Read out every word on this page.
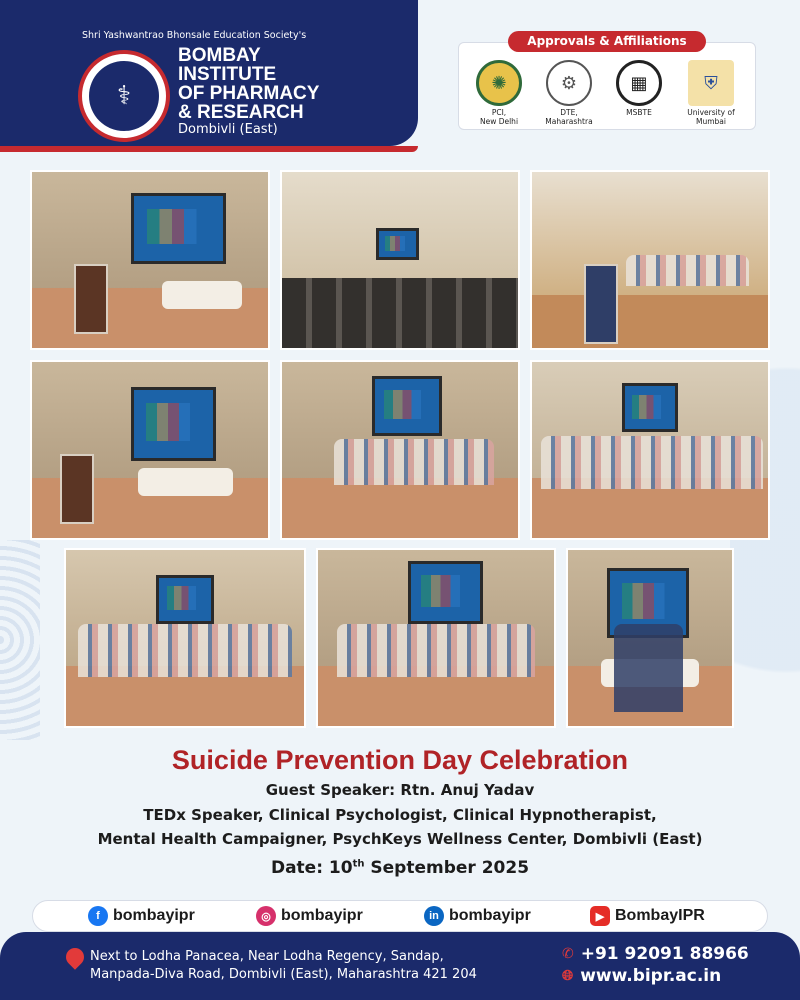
Shri Yashwantrao Bhonsale Education Society's
⚕
BOMBAY
INSTITUTE
OF PHARMACY
& RESEARCH
Dombivli (East)
Approvals & Affiliations
✺
PCI,
New Delhi
⚙
DTE,
Maharashtra
▦
MSBTE
⛨
University of
Mumbai
Suicide Prevention Day Celebration
Guest Speaker: Rtn. Anuj Yadav
TEDx Speaker, Clinical Psychologist, Clinical Hypnotherapist,
Mental Health Campaigner, PsychKeys Wellness Center, Dombivli (East)
Date: 10th September 2025
f bombayipr	◎ bombayipr	in bombayipr	▶ BombayIPR
Next to Lodha Panacea, Near Lodha Regency, Sandap,
Manpada-Diva Road, Dombivli (East), Maharashtra 421 204
✆ +91 92091 88966
🌐︎ www.bipr.ac.in
